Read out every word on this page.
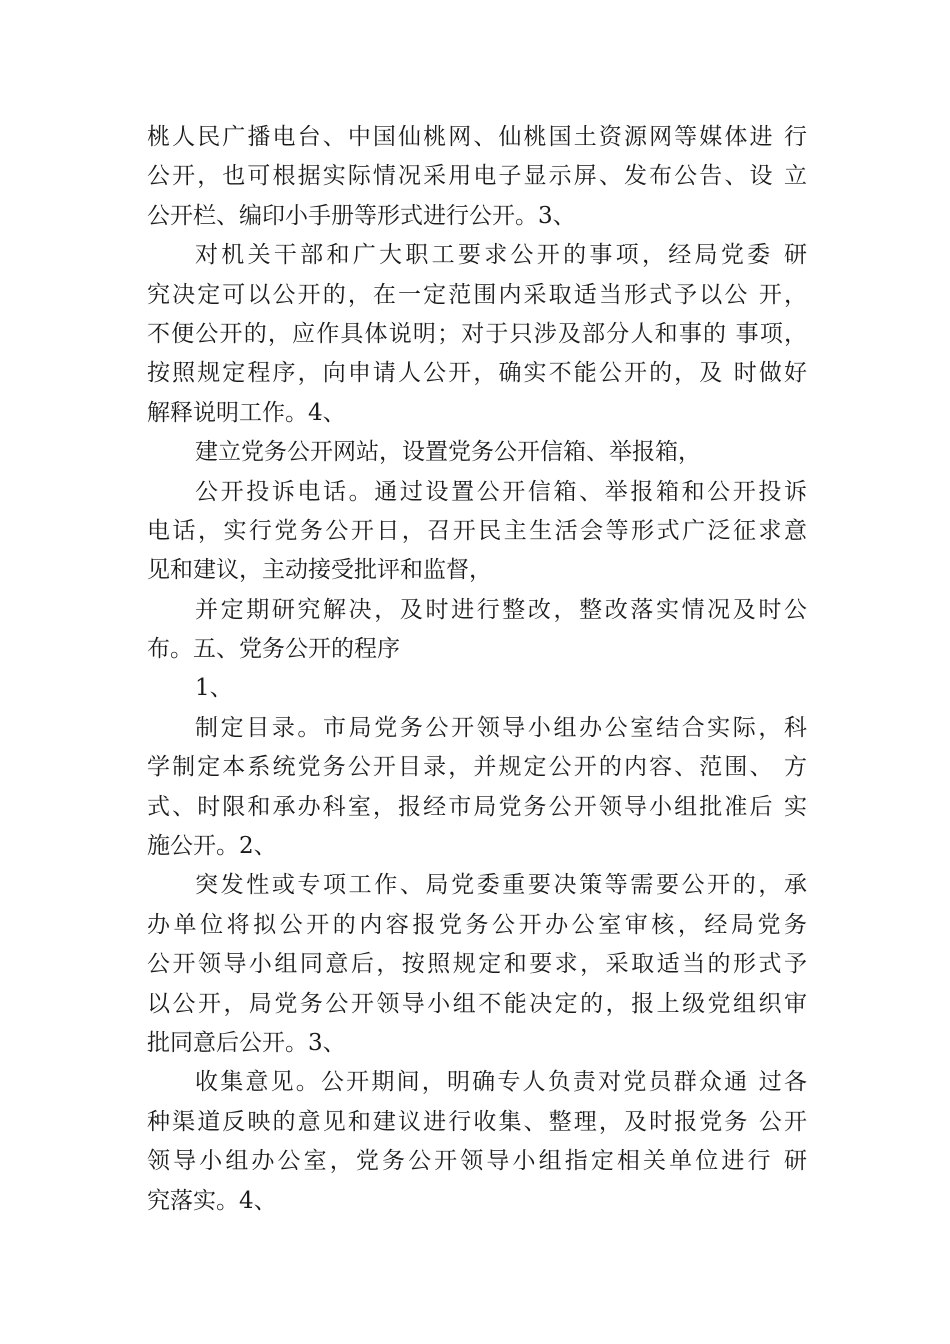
桃人民广播电台、中国仙桃网、仙桃国土资源网等媒体进 行
公开，也可根据实际情况采用电子显示屏、发布公告、设 立
公开栏、编印小手册等形式进行公开。3、
对机关干部和广大职工要求公开的事项，经局党委 研
究决定可以公开的，在一定范围内采取适当形式予以公 开，
不便公开的，应作具体说明；对于只涉及部分人和事的 事项，
按照规定程序，向申请人公开，确实不能公开的，及 时做好
解释说明工作。4、
建立党务公开网站，设置党务公开信箱、举报箱，
公开投诉电话。通过设置公开信箱、举报箱和公开投诉
电话，实行党务公开日，召开民主生活会等形式广泛征求意
见和建议，主动接受批评和监督，
并定期研究解决，及时进行整改，整改落实情况及时公
布。五、党务公开的程序
1、
制定目录。市局党务公开领导小组办公室结合实际，科
学制定本系统党务公开目录，并规定公开的内容、范围、 方
式、时限和承办科室，报经市局党务公开领导小组批准后 实
施公开。2、
突发性或专项工作、局党委重要决策等需要公开的，承
办单位将拟公开的内容报党务公开办公室审核，经局党务
公开领导小组同意后，按照规定和要求，采取适当的形式予
以公开，局党务公开领导小组不能决定的，报上级党组织审
批同意后公开。3、
收集意见。公开期间，明确专人负责对党员群众通 过各
种渠道反映的意见和建议进行收集、整理，及时报党务 公开
领导小组办公室，党务公开领导小组指定相关单位进行 研
究落实。4、
